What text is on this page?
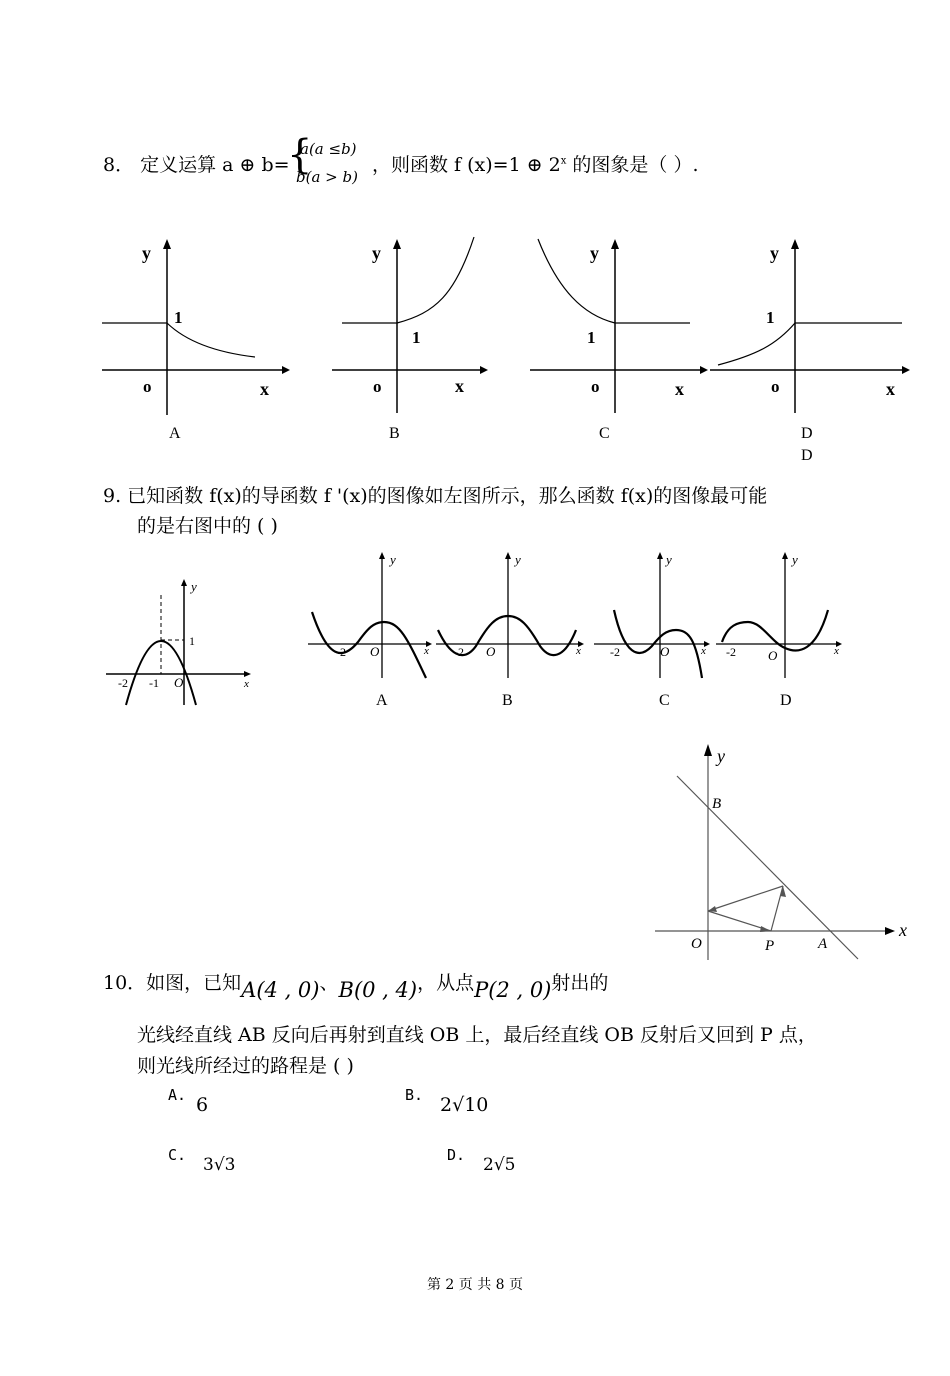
8． 定义运算 a ⊕ b=
{
a(a ≤b)
b(a > b)
，则函数 f (x)=1 ⊕ 2$^x$ 的图象是（ ）.
y
1
o	x
y
1
o	x
y
1
o	x
y
1
o	x
A	B	C	D
D
9. 已知函数 f(x)的导函数 f '(x)的图像如左图所示，那么函数 f(x)的图像最可能
的是右图中的 ( )
y
1
-2 -1 O	x
y
-2 O	x
y
-2 O	x
y
-2	O	x
y
-2 O	x
A	B	C	D
y
x
B
O	P	A
10．如图，已知A(4 , 0)、B(0 , 4)，从点P(2 , 0)射出的
光线经直线 AB 反向后再射到直线 OB 上，最后经直线 OB 反射后又回到 P 点，
则光线所经过的路程是 ( )
A. 6	B. 2√10
C. 3√3	D. 2√5
第 2 页 共 8 页
